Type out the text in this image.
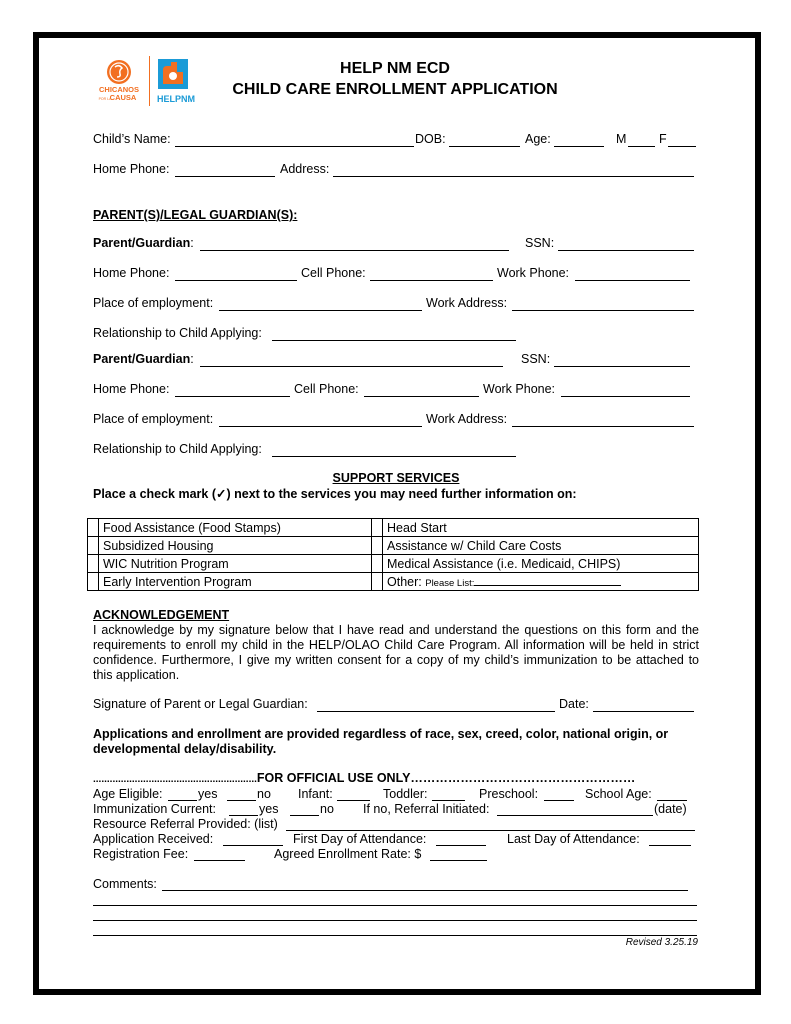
CHICANOS
POR LA
CAUSA HELPNM
HELP NM ECD
CHILD CARE ENROLLMENT APPLICATION
Child’s Name:	DOB:	Age:	M	F
Home Phone:	Address:
PARENT(S)/LEGAL GUARDIAN(S):
Parent/Guardian:	SSN:
Home Phone:	Cell Phone:	Work Phone:
Place of employment:	Work Address:
Relationship to Child Applying:
Parent/Guardian:	SSN:
Home Phone:	Cell Phone:	Work Phone:
Place of employment:	Work Address:
Relationship to Child Applying:
SUPPORT SERVICES
Place a check mark (✓) next to the services you may need further information on:
	Food Assistance (Food Stamps)		Head Start
	Subsidized Housing		Assistance w/ Child Care Costs
	WIC Nutrition Program		Medical Assistance (i.e. Medicaid, CHIPS)
	Early Intervention Program		Other: Please List:
ACKNOWLEDGEMENT
I acknowledge by my signature below that I have read and understand the questions on this form and the requirements to enroll my child in the HELP/OLAO Child Care Program. All information will be held in strict confidence. Furthermore, I give my written consent for a copy of my child’s immunization to be attached to this application.
Signature of Parent or Legal Guardian:	Date:
Applications and enrollment are provided regardless of race, sex, creed, color, national origin, or developmental delay/disability.
...........................................................FOR OFFICIAL USE ONLY………………………………………………
Age Eligible:	yes	no Infant:	Toddler:	Preschool:	School Age:
Immunization Current:	yes	no If no, Referral Initiated:	(date)
Resource Referral Provided: (list)
Application Received:	First Day of Attendance:	Last Day of Attendance:
Registration Fee:	Agreed Enrollment Rate: $
Comments:
Revised 3.25.19
